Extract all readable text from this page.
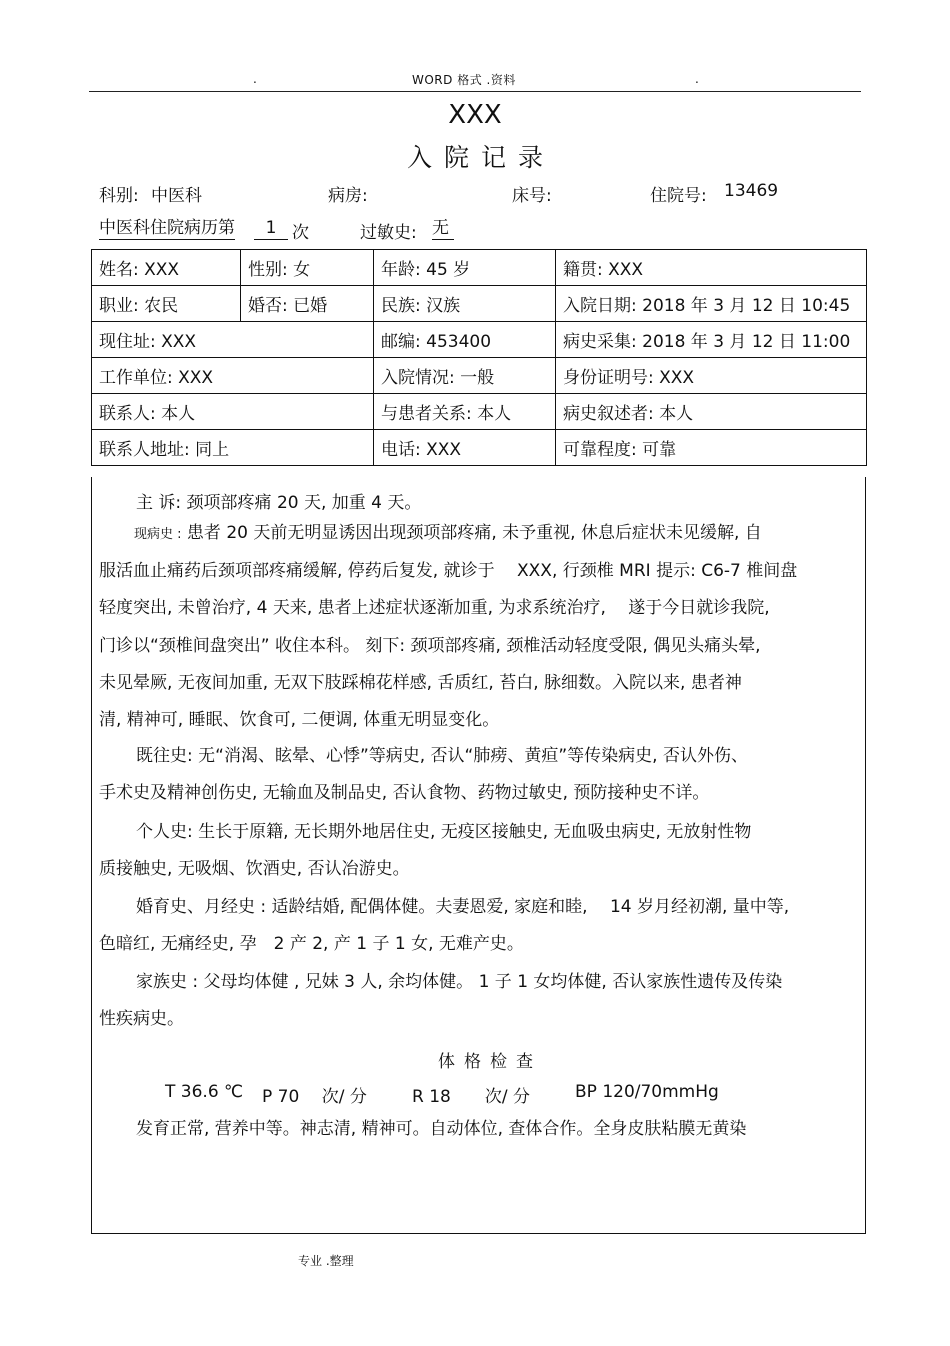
.	WORD 格式 .资料	.
XXX
入院记录
科别: 中医科	病房:	床号:	住院号: 13469
中医科住院病历第	1 次	过敏史: 无
姓名: XXX	性别: 女	年龄: 45 岁	籍贯: XXX
职业: 农民	婚否: 已婚	民族: 汉族	入院日期: 2018 年 3 月 12 日 10:45
现住址: XXX		邮编: 453400	病史采集: 2018 年 3 月 12 日 11:00
工作单位: XXX		入院情况: 一般	身份证明号: XXX
联系人: 本人		与患者关系: 本人	病史叙述者: 本人
联系人地址: 同上		电话: XXX	可靠程度: 可靠
主 诉: 颈项部疼痛 20 天, 加重 4 天。

现病史 : 患者 20 天前无明显诱因出现颈项部疼痛, 未予重视, 休息后症状未见缓解, 自

服活血止痛药后颈项部疼痛缓解, 停药后复发, 就诊于　 XXX, 行颈椎 MRI 提示: C6-7 椎间盘

轻度突出, 未曾治疗, 4 天来, 患者上述症状逐渐加重, 为求系统治疗, 　遂于今日就诊我院,

门诊以“颈椎间盘突出” 收住本科。 刻下: 颈项部疼痛, 颈椎活动轻度受限, 偶见头痛头晕,

未见晕厥, 无夜间加重, 无双下肢踩棉花样感, 舌质红, 苔白, 脉细数。入院以来, 患者神

清, 精神可, 睡眠、饮食可, 二便调, 体重无明显变化。

既往史: 无“消渴、眩晕、心悸”等病史, 否认“肺痨、黄疸”等传染病史, 否认外伤、

手术史及精神创伤史, 无输血及制品史, 否认食物、药物过敏史, 预防接种史不详。

个人史: 生长于原籍, 无长期外地居住史, 无疫区接触史, 无血吸虫病史, 无放射性物

质接触史, 无吸烟、饮酒史, 否认冶游史。

婚育史、月经史 : 适龄结婚, 配偶体健。夫妻恩爱, 家庭和睦, 　14 岁月经初潮, 量中等,

色暗红, 无痛经史, 孕　2 产 2, 产 1 子 1 女, 无难产史。

家族史 : 父母均体健 , 兄妹 3 人, 余均体健。 1 子 1 女均体健, 否认家族性遗传及传染

性疾病史。

体格检查
T 36.6 ℃ P 70　 次/ 分	R 18　　次/ 分	BP 120/70mmHg
发育正常, 营养中等。神志清, 精神可。自动体位, 查体合作。全身皮肤粘膜无黄染
专业 .整理
